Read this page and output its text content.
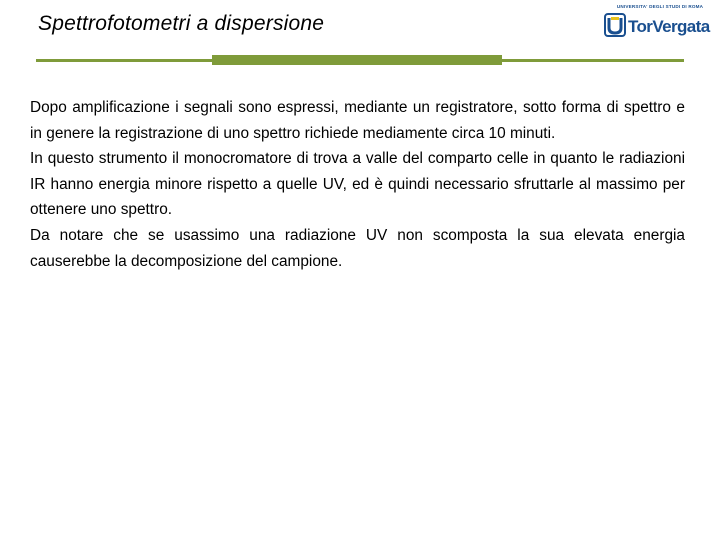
Spettrofotometri a dispersione
UNIVERSITA' DEGLI STUDI DI ROMA
TorVergata

Dopo amplificazione i segnali sono espressi, mediante un registratore, sotto forma di spettro e in genere la registrazione di uno spettro richiede mediamente circa 10 minuti.

In questo strumento il monocromatore di trova a valle del comparto celle in quanto le radiazioni IR hanno energia minore rispetto a quelle UV, ed è quindi necessario sfruttarle al massimo per ottenere uno spettro.

Da notare che se usassimo una radiazione UV non scomposta la sua elevata energia causerebbe la decomposizione del campione.
